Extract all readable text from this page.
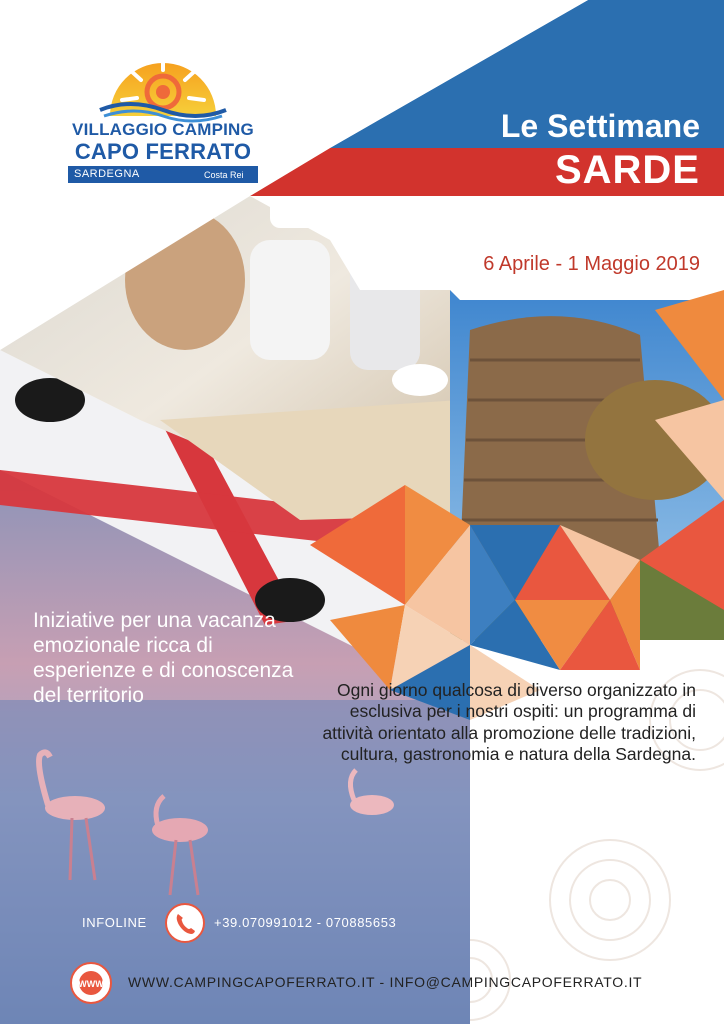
WWW
VILLAGGIO CAMPING
CAPO FERRATO
SARDEGNA	Costa Rei
Le Settimane
SARDE
6 Aprile - 1 Maggio 2019
Iniziative per una vacanza emozionale ricca di esperienze e di conoscenza del territorio	Ogni giorno qualcosa di diverso organizzato in esclusiva per i nostri ospiti: un programma di attività orientato alla promozione delle tradizioni, cultura, gastronomia e natura della Sardegna.
INFOLINE	+39.070991012 - 070885653
WWW.CAMPINGCAPOFERRATO.IT - INFO@CAMPINGCAPOFERRATO.IT
